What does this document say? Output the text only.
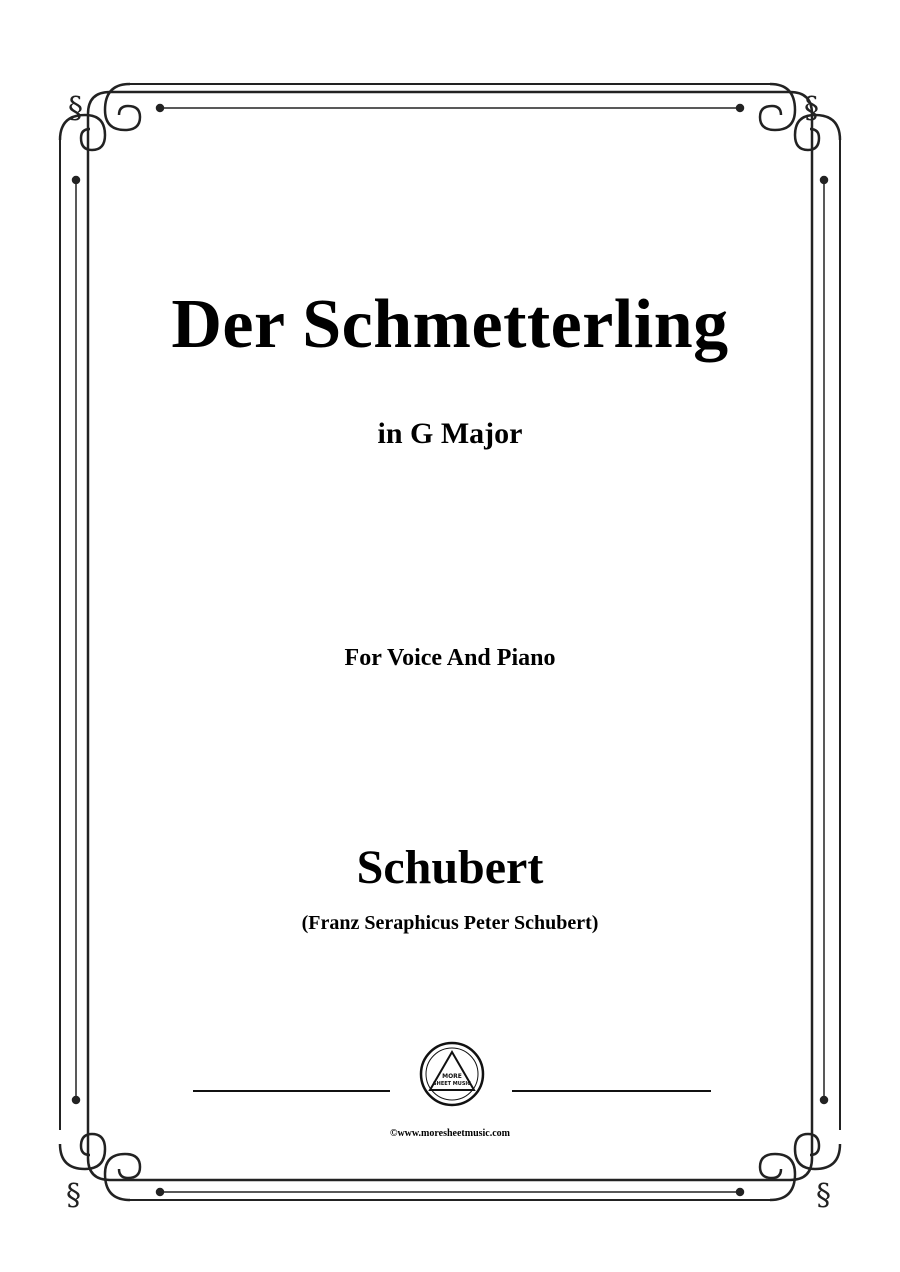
§	§
§	§
Der Schmetterling
in G Major
For Voice And Piano
Schubert
(Franz Seraphicus Peter Schubert)
MORE
SHEET MUSIC
©www.moresheetmusic.com
